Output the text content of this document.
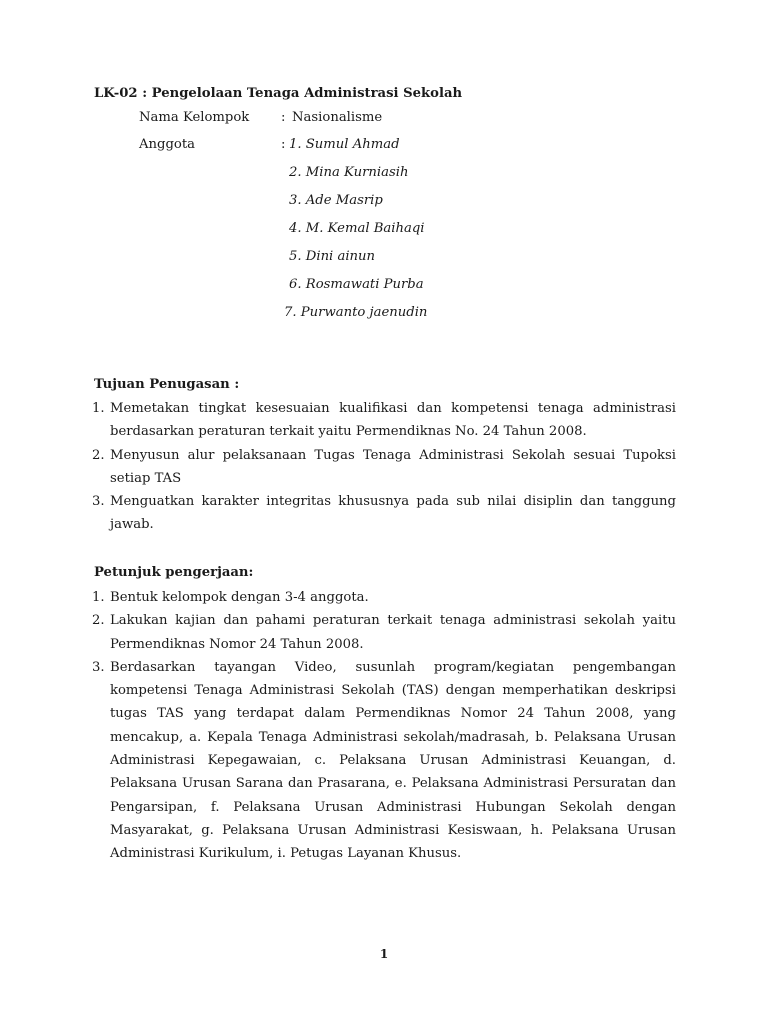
LK-02 : Pengelolaan Tenaga Administrasi Sekolah
Nama Kelompok : Nasionalisme
Anggota	: 1. Sumul Ahmad
2. Mina Kurniasih
3. Ade Masrip
4. M. Kemal Baihaqi
5. Dini ainun
6. Rosmawati Purba
7. Purwanto jaenudin
Tujuan Penugasan :
1. Memetakan tingkat kesesuaian kualifikasi dan kompetensi tenaga administrasi berdasarkan peraturan terkait yaitu Permendiknas No. 24 Tahun 2008.
2. Menyusun alur pelaksanaan Tugas Tenaga Administrasi Sekolah sesuai Tupoksi setiap TAS
3. Menguatkan karakter integritas khususnya pada sub nilai disiplin dan tanggung jawab.
Petunjuk pengerjaan:
1. Bentuk kelompok dengan 3-4 anggota.
2. Lakukan kajian dan pahami peraturan terkait tenaga administrasi sekolah yaitu Permendiknas Nomor 24 Tahun 2008.
3. Berdasarkan tayangan Video, susunlah program/kegiatan pengembangan kompetensi Tenaga Administrasi Sekolah (TAS) dengan memperhatikan deskripsi tugas TAS yang terdapat dalam Permendiknas Nomor 24 Tahun 2008, yang mencakup, a. Kepala Tenaga Administrasi sekolah/madrasah, b. Pelaksana Urusan Administrasi Kepegawaian, c. Pelaksana Urusan Administrasi Keuangan, d. Pelaksana Urusan Sarana dan Prasarana, e. Pelaksana Administrasi Persuratan dan Pengarsipan, f. Pelaksana Urusan Administrasi Hubungan Sekolah dengan Masyarakat, g. Pelaksana Urusan Administrasi Kesiswaan, h. Pelaksana Urusan Administrasi Kurikulum, i. Petugas Layanan Khusus.
1
